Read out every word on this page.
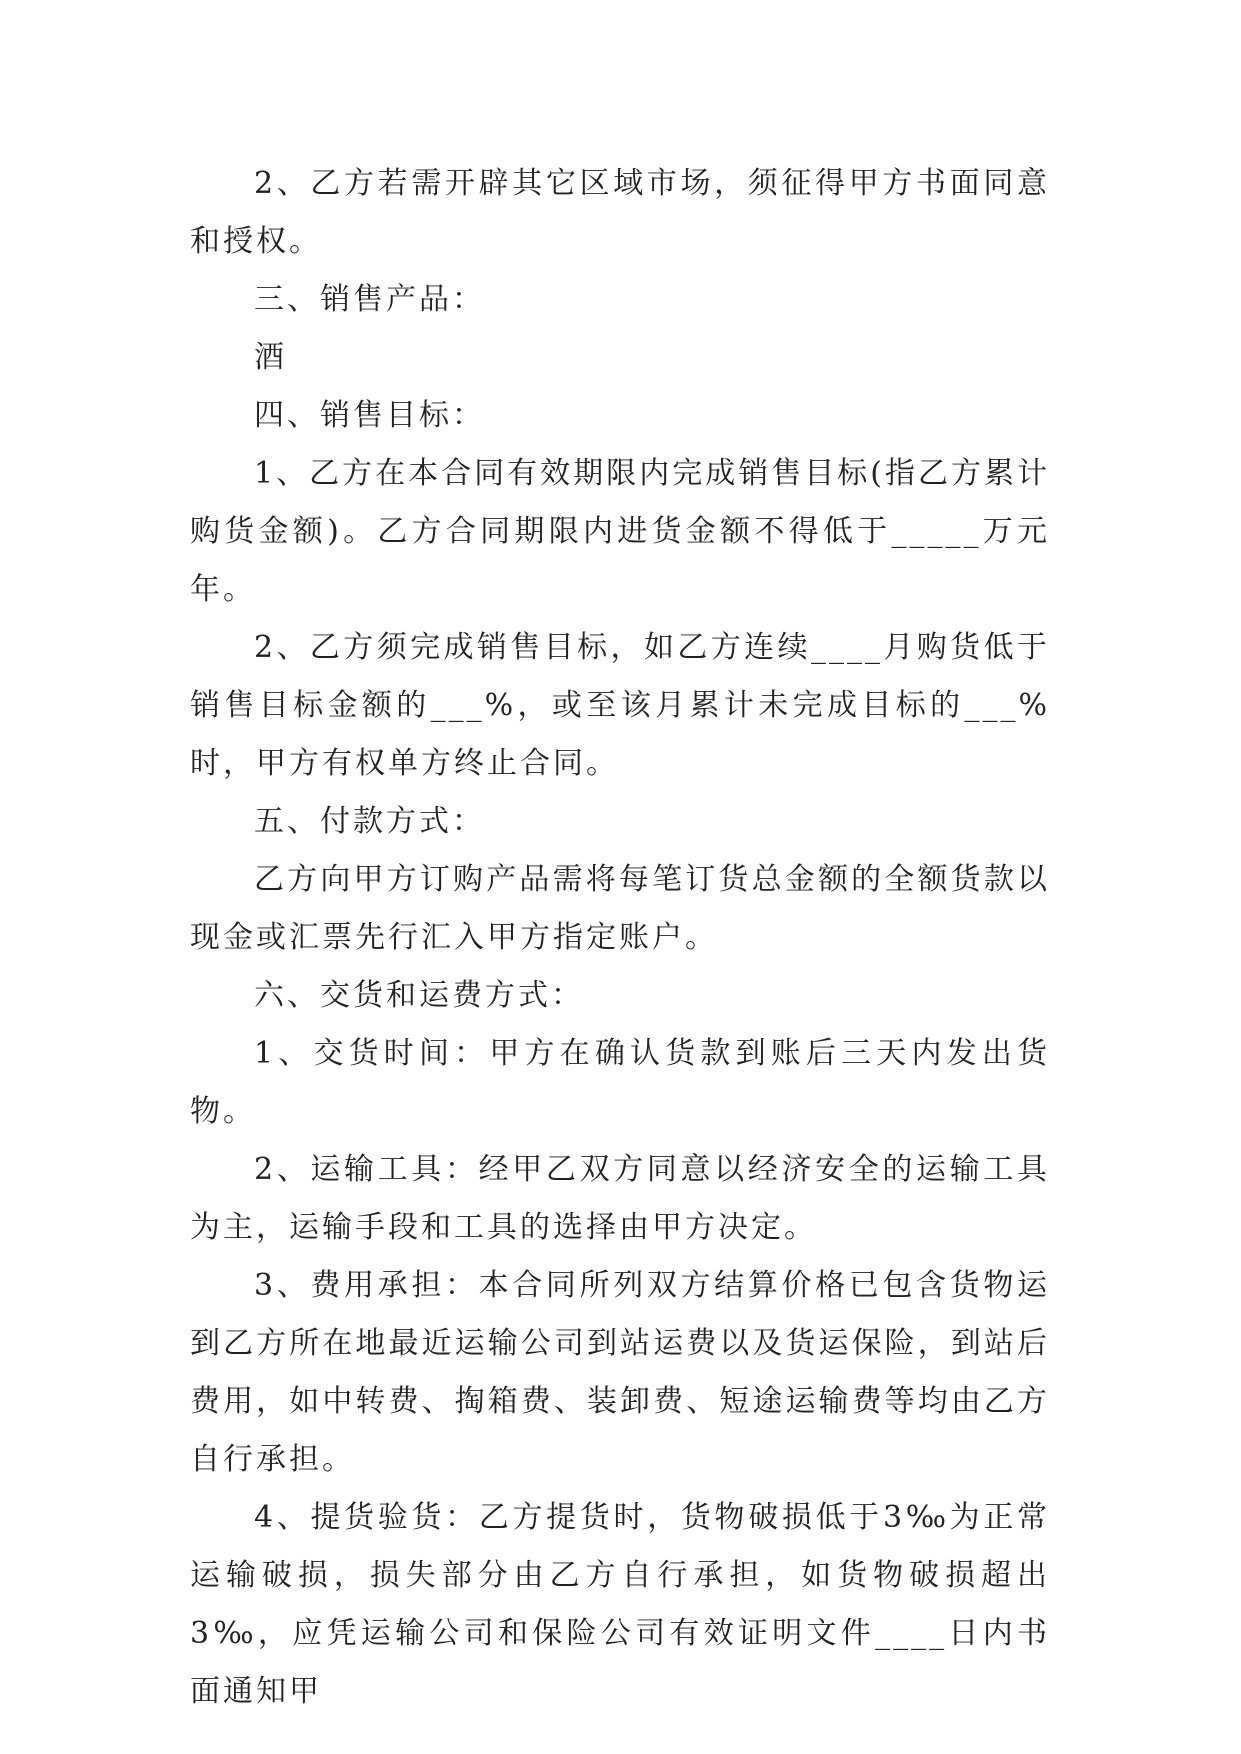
2、乙方若需开辟其它区域市场，须征得甲方书面同意和授权。

三、销售产品：

酒

四、销售目标：

1、乙方在本合同有效期限内完成销售目标(指乙方累计购货金额)。乙方合同期限内进货金额不得低于_____万元年。

2、乙方须完成销售目标，如乙方连续____月购货低于销售目标金额的___%，或至该月累计未完成目标的___%时，甲方有权单方终止合同。

五、付款方式：

乙方向甲方订购产品需将每笔订货总金额的全额货款以现金或汇票先行汇入甲方指定账户。

六、交货和运费方式：

1、交货时间：甲方在确认货款到账后三天内发出货物。

2、运输工具：经甲乙双方同意以经济安全的运输工具为主，运输手段和工具的选择由甲方决定。

3、费用承担：本合同所列双方结算价格已包含货物运到乙方所在地最近运输公司到站运费以及货运保险，到站后费用，如中转费、掏箱费、装卸费、短途运输费等均由乙方自行承担。

4、提货验货：乙方提货时，货物破损低于3‰为正常运输破损，损失部分由乙方自行承担，如货物破损超出3‰，应凭运输公司和保险公司有效证明文件____日内书面通知甲
